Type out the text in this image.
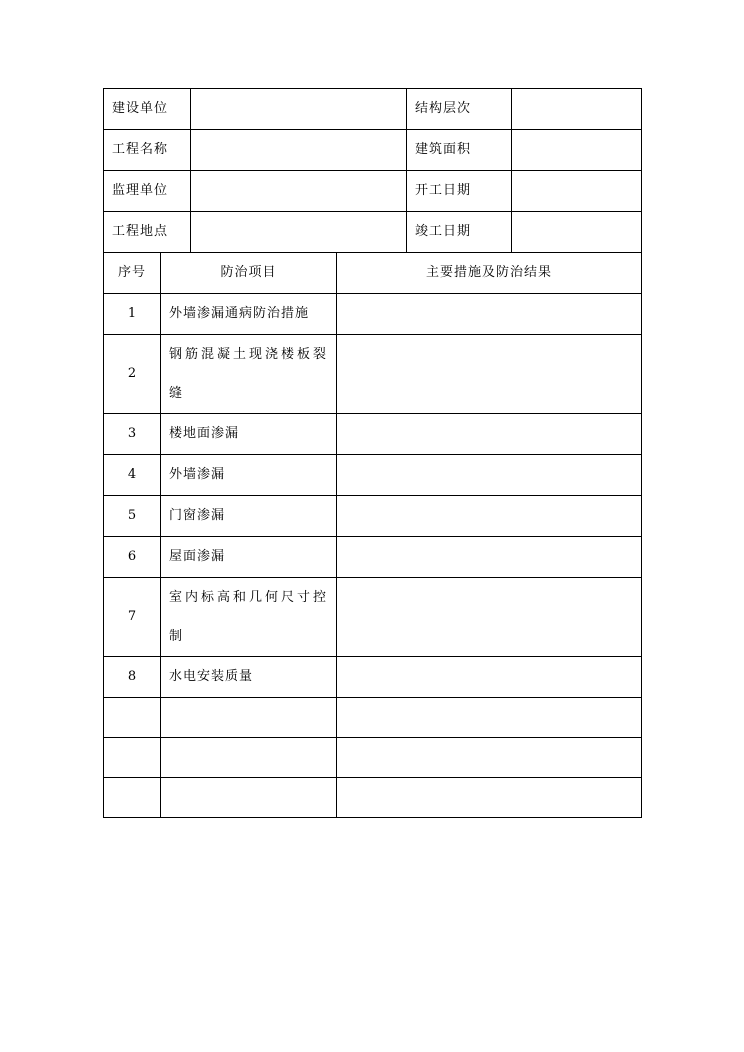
建设单位				结构层次	
工程名称				建筑面积	
监理单位				开工日期	
工程地点				竣工日期	
序号	防治项目		主要措施及防治结果		
1	外墙渗漏通病防治措施				
2	钢筋混凝土现浇楼板裂缝				
3	楼地面渗漏				
4	外墙渗漏				
5	门窗渗漏				
6	屋面渗漏				
7	室内标高和几何尺寸控制				
8	水电安装质量				
